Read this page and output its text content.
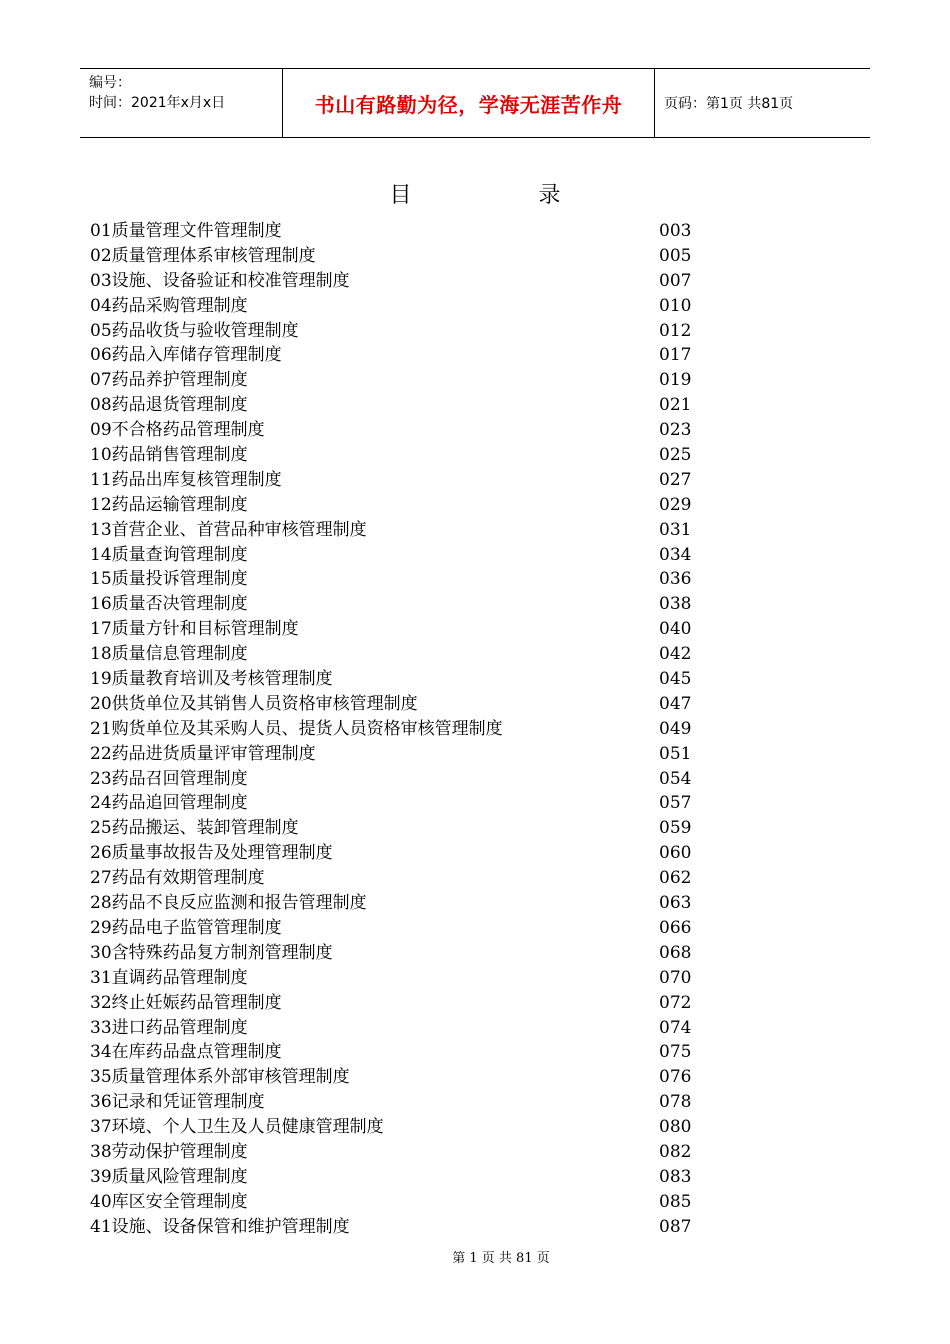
编号：
时间：2021年x月x日	书山有路勤为径，学海无涯苦作舟	页码：第1页 共81页
目 录
01质量管理文件管理制度	003
02质量管理体系审核管理制度	005
03设施、设备验证和校准管理制度	007
04药品采购管理制度	010
05药品收货与验收管理制度	012
06药品入库储存管理制度	017
07药品养护管理制度	019
08药品退货管理制度	021
09不合格药品管理制度	023
10药品销售管理制度	025
11药品出库复核管理制度	027
12药品运输管理制度	029
13首营企业、首营品种审核管理制度	031
14质量查询管理制度	034
15质量投诉管理制度	036
16质量否决管理制度	038
17质量方针和目标管理制度	040
18质量信息管理制度	042
19质量教育培训及考核管理制度	045
20供货单位及其销售人员资格审核管理制度	047
21购货单位及其采购人员、提货人员资格审核管理制度	049
22药品进货质量评审管理制度	051
23药品召回管理制度	054
24药品追回管理制度	057
25药品搬运、装卸管理制度	059
26质量事故报告及处理管理制度	060
27药品有效期管理制度	062
28药品不良反应监测和报告管理制度	063
29药品电子监管管理制度	066
30含特殊药品复方制剂管理制度	068
31直调药品管理制度	070
32终止妊娠药品管理制度	072
33进口药品管理制度	074
34在库药品盘点管理制度	075
35质量管理体系外部审核管理制度	076
36记录和凭证管理制度	078
37环境、个人卫生及人员健康管理制度	080
38劳动保护管理制度	082
39质量风险管理制度	083
40库区安全管理制度	085
41设施、设备保管和维护管理制度	087
第 1 页 共 81 页
